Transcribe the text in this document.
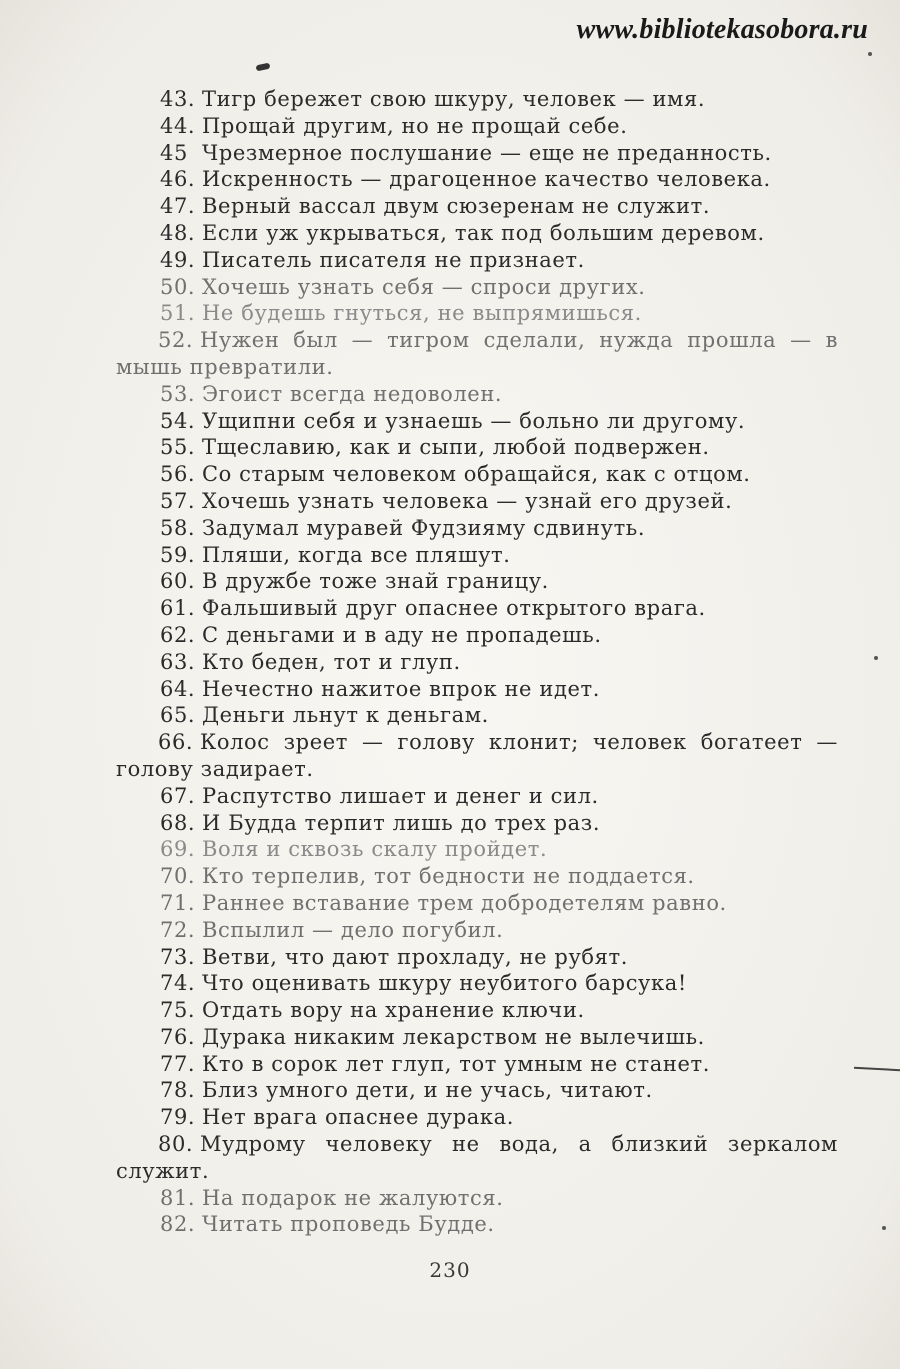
www.bibliotekasobora.ru
43. Тигр бережет свою шкуру, человек — имя.
44. Прощай другим, но не прощай себе.
45 Чрезмерное послушание — еще не преданность.
46. Искренность — драгоценное качество человека.
47. Верный вассал двум сюзеренам не служит.
48. Если уж укрываться, так под большим деревом.
49. Писатель писателя не признает.
50. Хочешь узнать себя — спроси других.
51. Не будешь гнуться, не выпрямишься.
52. Нужен был — тигром сделали, нужда прошла — в мышь превратили.
53. Эгоист всегда недоволен.
54. Ущипни себя и узнаешь — больно ли другому.
55. Тщеславию, как и сыпи, любой подвержен.
56. Со старым человеком обращайся, как с отцом.
57. Хочешь узнать человека — узнай его друзей.
58. Задумал муравей Фудзияму сдвинуть.
59. Пляши, когда все пляшут.
60. В дружбе тоже знай границу.
61. Фальшивый друг опаснее открытого врага.
62. С деньгами и в аду не пропадешь.
63. Кто беден, тот и глуп.
64. Нечестно нажитое впрок не идет.
65. Деньги льнут к деньгам.
66. Колос зреет — голову клонит; человек богатеет — голову задирает.
67. Распутство лишает и денег и сил.
68. И Будда терпит лишь до трех раз.
69. Воля и сквозь скалу пройдет.
70. Кто терпелив, тот бедности не поддается.
71. Раннее вставание трем добродетелям равно.
72. Вспылил — дело погубил.
73. Ветви, что дают прохладу, не рубят.
74. Что оценивать шкуру неубитого барсука!
75. Отдать вору на хранение ключи.
76. Дурака никаким лекарством не вылечишь.
77. Кто в сорок лет глуп, тот умным не станет.
78. Близ умного дети, и не учась, читают.
79. Нет врага опаснее дурака.
80. Мудрому человеку не вода, а близкий зеркалом служит.
81. На подарок не жалуются.
82. Читать проповедь Будде.
230
